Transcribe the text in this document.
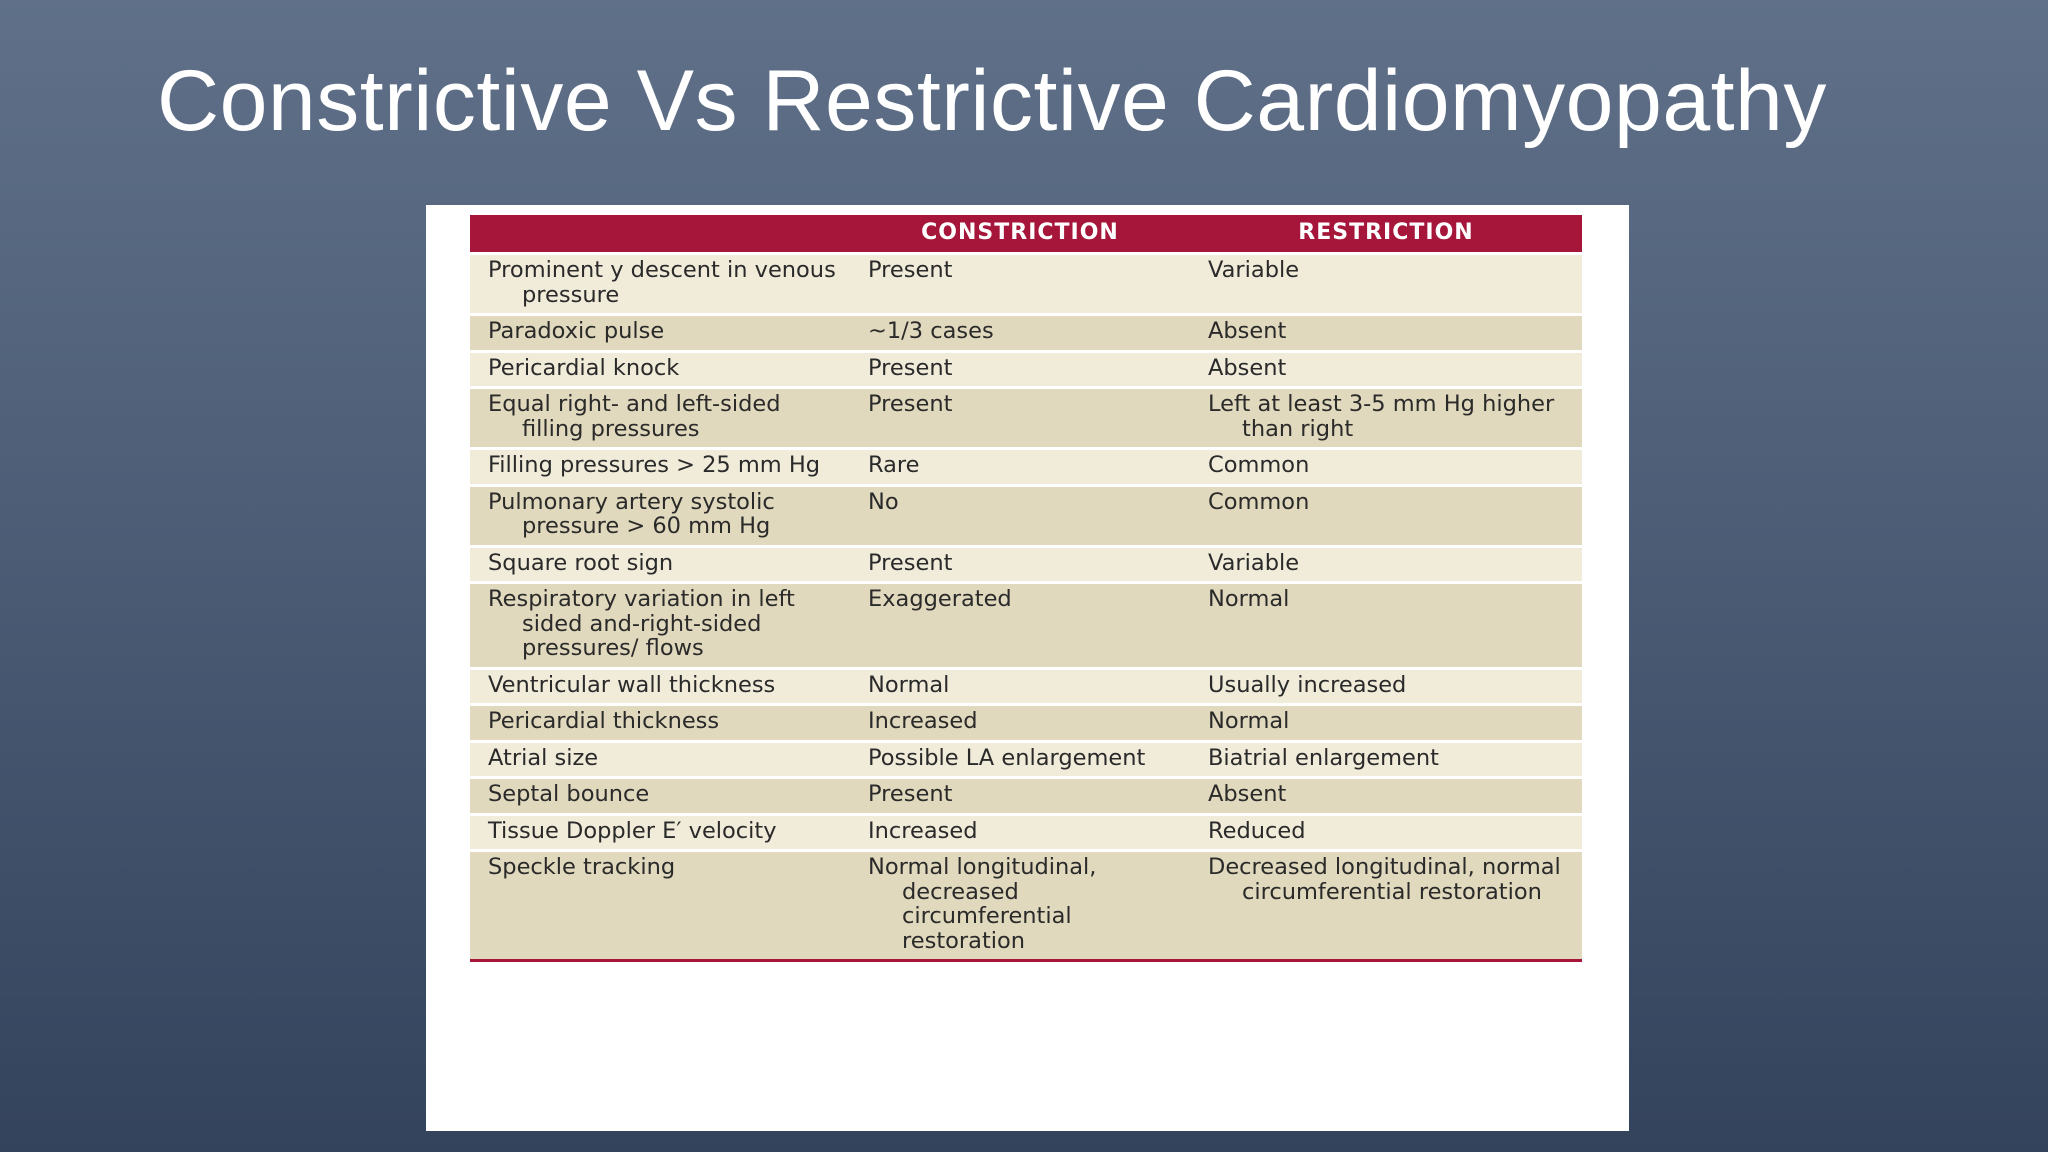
Constrictive Vs Restrictive Cardiomyopathy
	CONSTRICTION	RESTRICTION

Prominent y descent in venous pressure	Present	Variable

Paradoxic pulse	~1/3 cases	Absent

Pericardial knock	Present	Absent

Equal right- and left-sided filling pressures	Present	Left at least 3-5 mm Hg higher than right

Filling pressures > 25 mm Hg	Rare	Common

Pulmonary artery systolic pressure > 60 mm Hg	No	Common

Square root sign	Present	Variable

Respiratory variation in left sided and-right-sided pressures/ flows	Exaggerated	Normal

Ventricular wall thickness	Normal	Usually increased

Pericardial thickness	Increased	Normal

Atrial size	Possible LA enlargement	Biatrial enlargement

Septal bounce	Present	Absent

Tissue Doppler E′ velocity	Increased	Reduced

Speckle tracking	Normal longitudinal, decreased circumferential restoration	Decreased longitudinal, normal circumferential restoration
